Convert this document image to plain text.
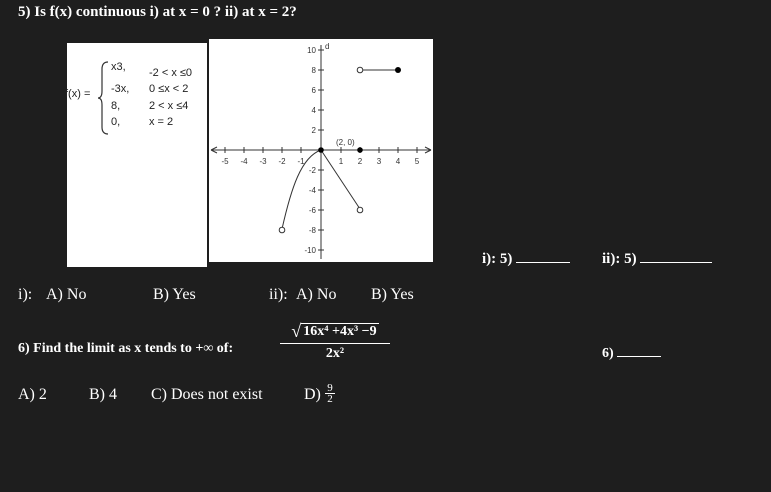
5) Is f(x) continuous i) at x = 0 ? ii) at x = 2?
f(x) =
x3, -2 < x ≤0
-3x, 0 ≤x < 2
8,	2 < x ≤4
0,	x = 2
-5 -4 -3 -2 -1	1 2 3 4 5
10
8
6
4
2
-2
-4
-6
-8
-10
d
(2, 0)
i): 5)	ii): 5)
i): A) No	B) Yes	ii): A) No B) Yes
6) Find the limit as x tends to +∞ of:	$\frac{\text{√ 16x⁴ +4x³ −9}}{\text{2x²}}$	6)
A) 2	B) 4 C) Does not exist	$D) \frac{9}{2}$
